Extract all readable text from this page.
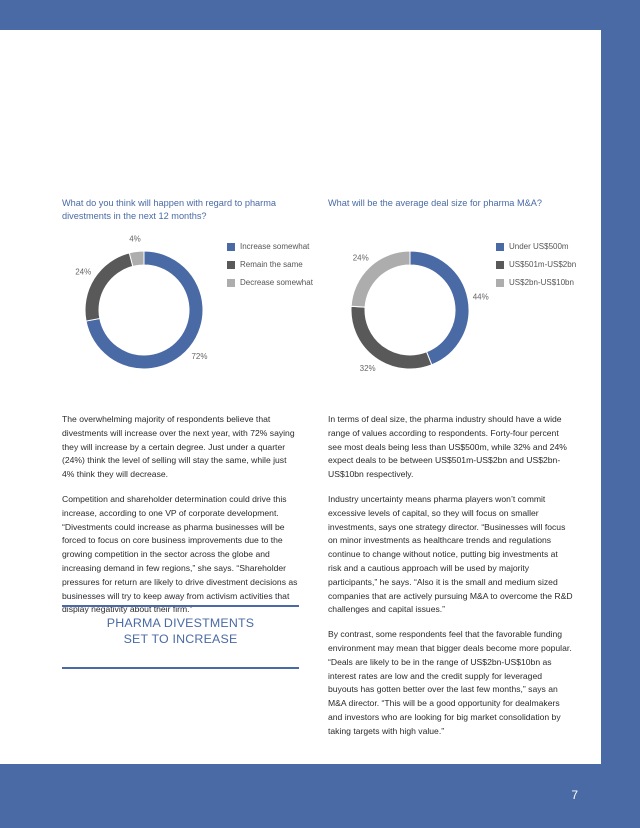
What do you think will happen with regard to pharma divestments in the next 12 months?
72%
24%
4%
Increase somewhat
Remain the same
Decrease somewhat
What will be the average deal size for pharma M&A?
44%
32%
24%
Under US$500m
US$501m-US$2bn
US$2bn-US$10bn

The overwhelming majority of respondents believe that divestments will increase over the next year, with 72% saying they will increase by a certain degree. Just under a quarter (24%) think the level of selling will stay the same, while just 4% think they will decrease.

Competition and shareholder determination could drive this increase, according to one VP of corporate development. “Divestments could increase as pharma businesses will be forced to focus on core business improvements due to the growing competition in the sector across the globe and increasing demand in few regions,” she says. “Shareholder pressures for return are likely to drive divestment decisions as businesses will try to keep away from activism activities that display negativity about their firm.”

PHARMA DIVESTMENTS
SET TO INCREASE

In terms of deal size, the pharma industry should have a wide range of values according to respondents. Forty-four percent see most deals being less than US$500m, while 32% and 24% expect deals to be between US$501m-US$2bn and US$2bn-US$10bn respectively.

Industry uncertainty means pharma players won’t commit excessive levels of capital, so they will focus on smaller investments, says one strategy director. “Businesses will focus on minor investments as healthcare trends and regulations continue to change without notice, putting big investments at risk and a cautious approach will be used by majority participants,” he says. “Also it is the small and medium sized companies that are actively pursuing M&A to overcome the R&D challenges and capital issues.”

By contrast, some respondents feel that the favorable funding environment may mean that bigger deals become more popular. “Deals are likely to be in the range of US$2bn-US$10bn as interest rates are low and the credit supply for leveraged buyouts has gotten better over the last few months,” says an M&A director. “This will be a good opportunity for dealmakers and investors who are looking for big market consolidation by taking targets with high value.”

7
